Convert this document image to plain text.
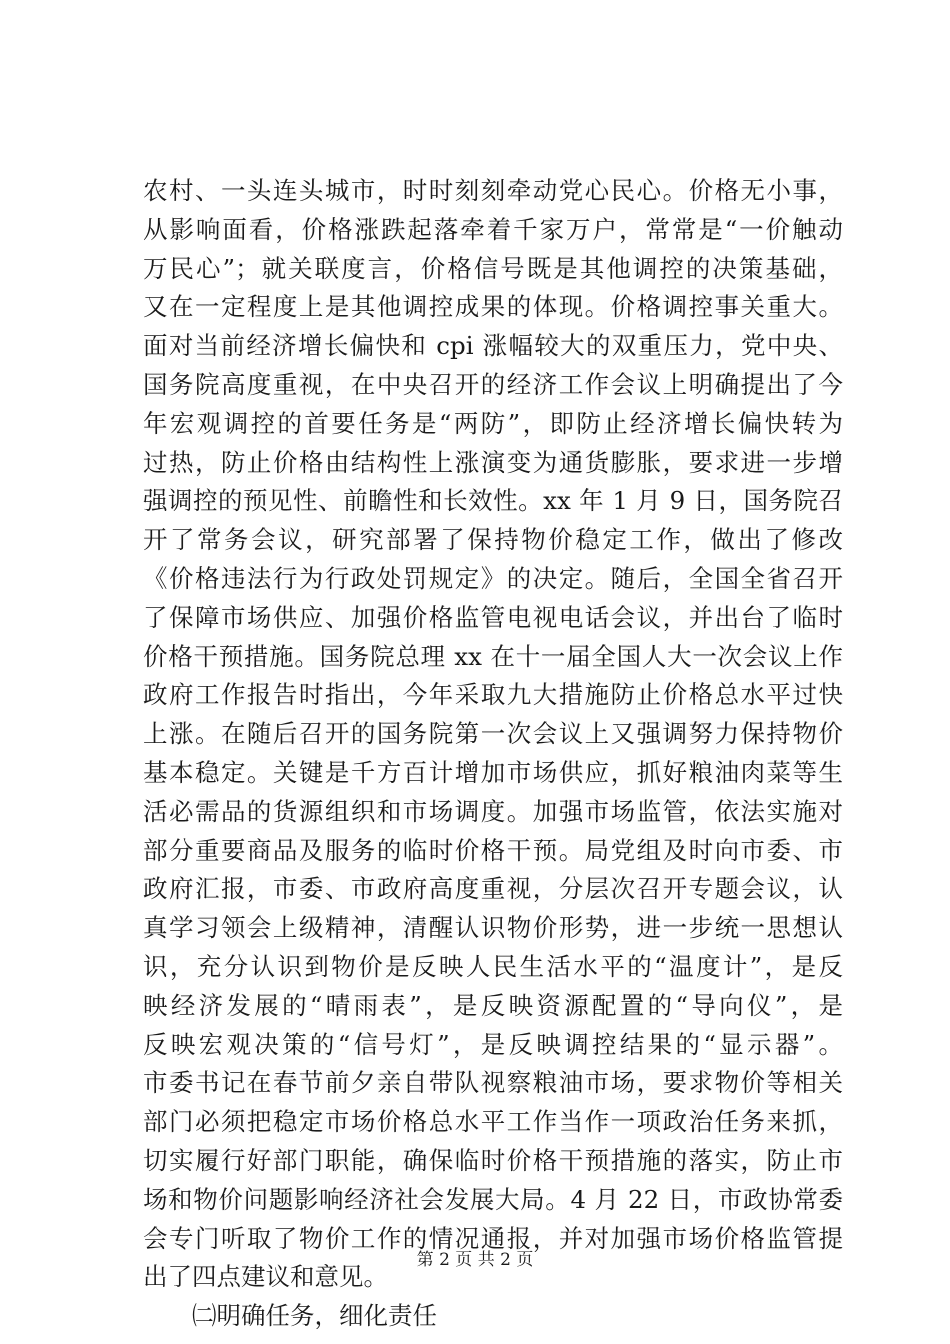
农村、一头连头城市，时时刻刻牵动党心民心。价格无小事，
从影响面看，价格涨跌起落牵着千家万户，常常是“一价触动
万民心”；就关联度言，价格信号既是其他调控的决策基础，
又在一定程度上是其他调控成果的体现。价格调控事关重大。
面对当前经济增长偏快和 cpi 涨幅较大的双重压力，党中央、
国务院高度重视，在中央召开的经济工作会议上明确提出了今
年宏观调控的首要任务是“两防”，即防止经济增长偏快转为
过热，防止价格由结构性上涨演变为通货膨胀，要求进一步增
强调控的预见性、前瞻性和长效性。xx 年 1 月 9 日，国务院召
开了常务会议，研究部署了保持物价稳定工作，做出了修改
《价格违法行为行政处罚规定》的决定。随后，全国全省召开
了保障市场供应、加强价格监管电视电话会议，并出台了临时
价格干预措施。国务院总理 xx 在十一届全国人大一次会议上作
政府工作报告时指出，今年采取九大措施防止价格总水平过快
上涨。在随后召开的国务院第一次会议上又强调努力保持物价
基本稳定。关键是千方百计增加市场供应，抓好粮油肉菜等生
活必需品的货源组织和市场调度。加强市场监管，依法实施对
部分重要商品及服务的临时价格干预。局党组及时向市委、市
政府汇报，市委、市政府高度重视，分层次召开专题会议，认
真学习领会上级精神，清醒认识物价形势，进一步统一思想认
识，充分认识到物价是反映人民生活水平的“温度计”，是反
映经济发展的“晴雨表”，是反映资源配置的“导向仪”，是
反映宏观决策的“信号灯”，是反映调控结果的“显示器”。
市委书记在春节前夕亲自带队视察粮油市场，要求物价等相关
部门必须把稳定市场价格总水平工作当作一项政治任务来抓，
切实履行好部门职能，确保临时价格干预措施的落实，防止市
场和物价问题影响经济社会发展大局。4 月 22 日，市政协常委
会专门听取了物价工作的情况通报，并对加强市场价格监管提
出了四点建议和意见。
㈡明确任务，细化责任
第 2 页 共 2 页
